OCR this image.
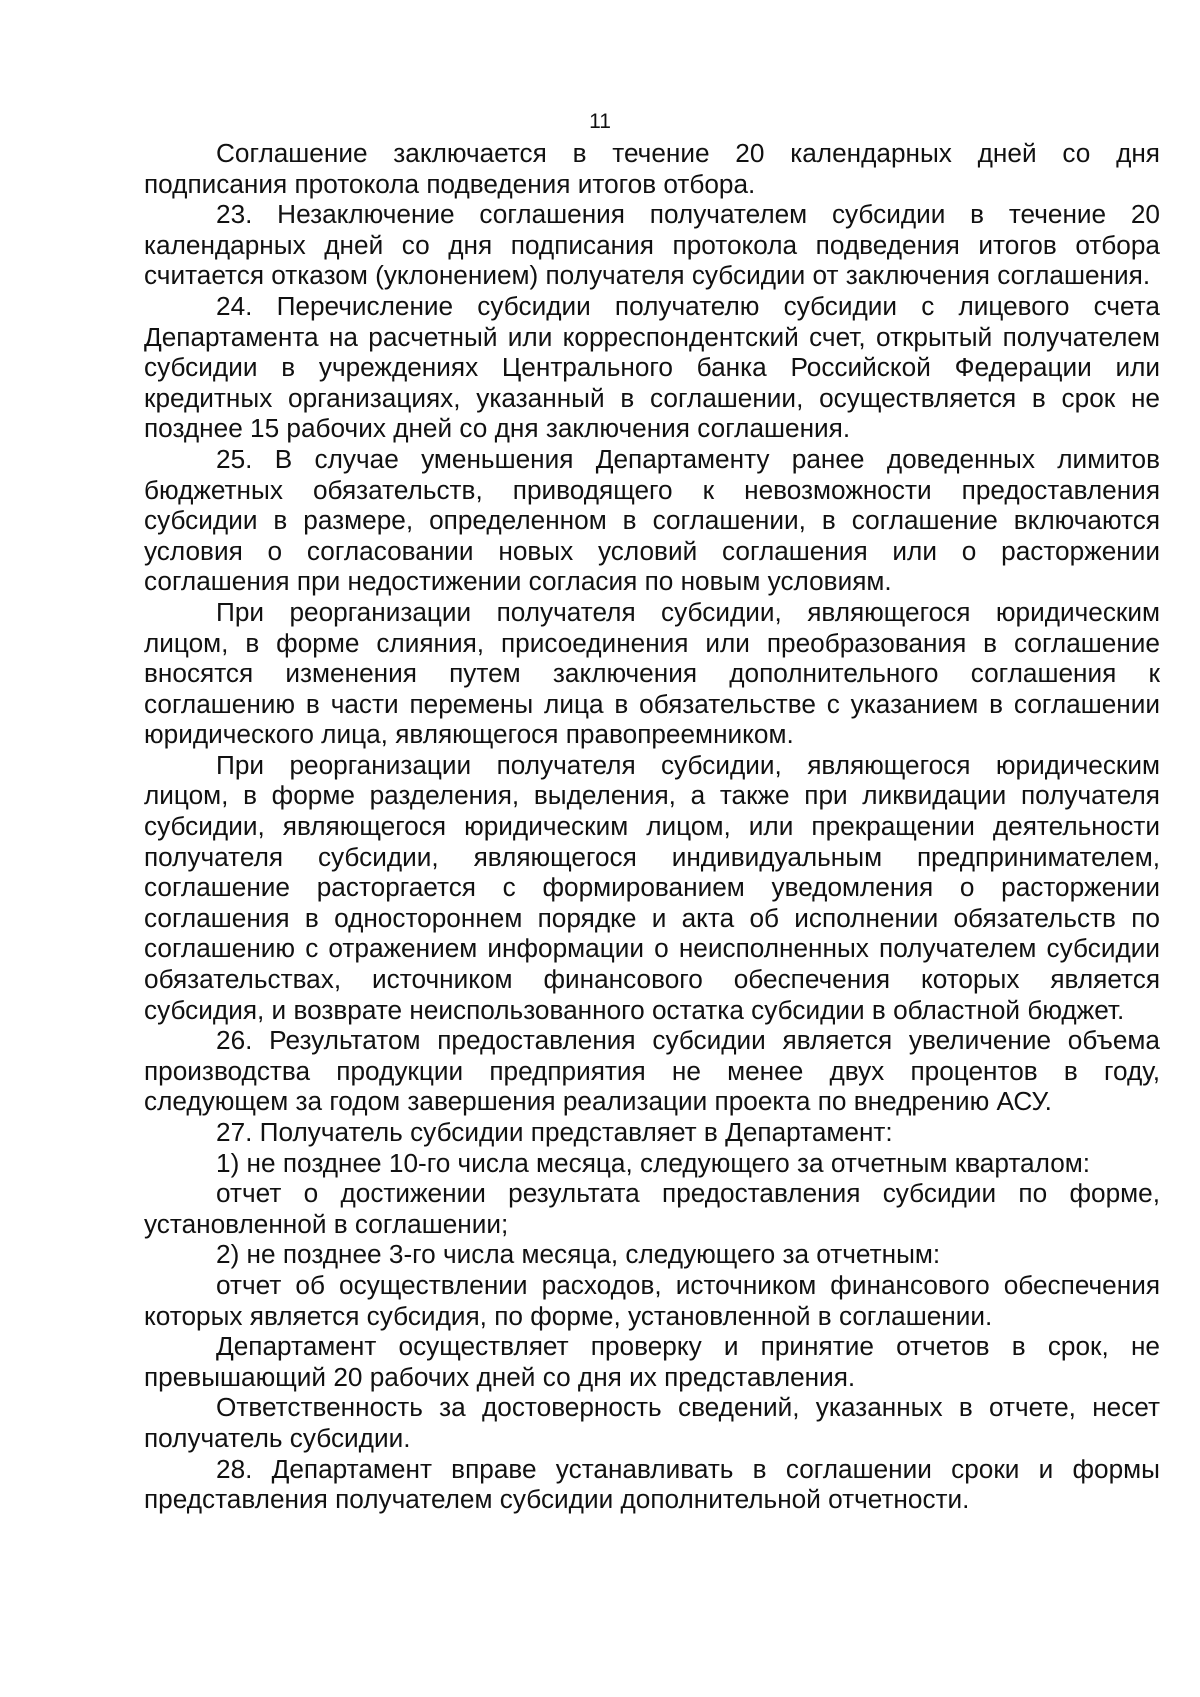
11

Соглашение заключается в течение 20 календарных дней со дня подписания протокола подведения итогов отбора.

23. Незаключение соглашения получателем субсидии в течение 20 календарных дней со дня подписания протокола подведения итогов отбора считается отказом (уклонением) получателя субсидии от заключения соглашения.

24. Перечисление субсидии получателю субсидии с лицевого счета Департамента на расчетный или корреспондентский счет, открытый получателем субсидии в учреждениях Центрального банка Российской Федерации или кредитных организациях, указанный в соглашении, осуществляется в срок не позднее 15 рабочих дней со дня заключения соглашения.

25. В случае уменьшения Департаменту ранее доведенных лимитов бюджетных обязательств, приводящего к невозможности предоставления субсидии в размере, определенном в соглашении, в соглашение включаются условия о согласовании новых условий соглашения или о расторжении соглашения при недостижении согласия по новым условиям.

При реорганизации получателя субсидии, являющегося юридическим лицом, в форме слияния, присоединения или преобразования в соглашение вносятся изменения путем заключения дополнительного соглашения к соглашению в части перемены лица в обязательстве с указанием в соглашении юридического лица, являющегося правопреемником.

При реорганизации получателя субсидии, являющегося юридическим лицом, в форме разделения, выделения, а также при ликвидации получателя субсидии, являющегося юридическим лицом, или прекращении деятельности получателя субсидии, являющегося индивидуальным предпринимателем, соглашение расторгается с формированием уведомления о расторжении соглашения в одностороннем порядке и акта об исполнении обязательств по соглашению с отражением информации о неисполненных получателем субсидии обязательствах, источником финансового обеспечения которых является субсидия, и возврате неиспользованного остатка субсидии в областной бюджет.

26. Результатом предоставления субсидии является увеличение объема производства продукции предприятия не менее двух процентов в году, следующем за годом завершения реализации проекта по внедрению АСУ.

27. Получатель субсидии представляет в Департамент:

1) не позднее 10-го числа месяца, следующего за отчетным кварталом:

отчет о достижении результата предоставления субсидии по форме, установленной в соглашении;

2) не позднее 3-го числа месяца, следующего за отчетным:

отчет об осуществлении расходов, источником финансового обеспечения которых является субсидия, по форме, установленной в соглашении.

Департамент осуществляет проверку и принятие отчетов в срок, не превышающий 20 рабочих дней со дня их представления.

Ответственность за достоверность сведений, указанных в отчете, несет получатель субсидии.

28. Департамент вправе устанавливать в соглашении сроки и формы представления получателем субсидии дополнительной отчетности.
